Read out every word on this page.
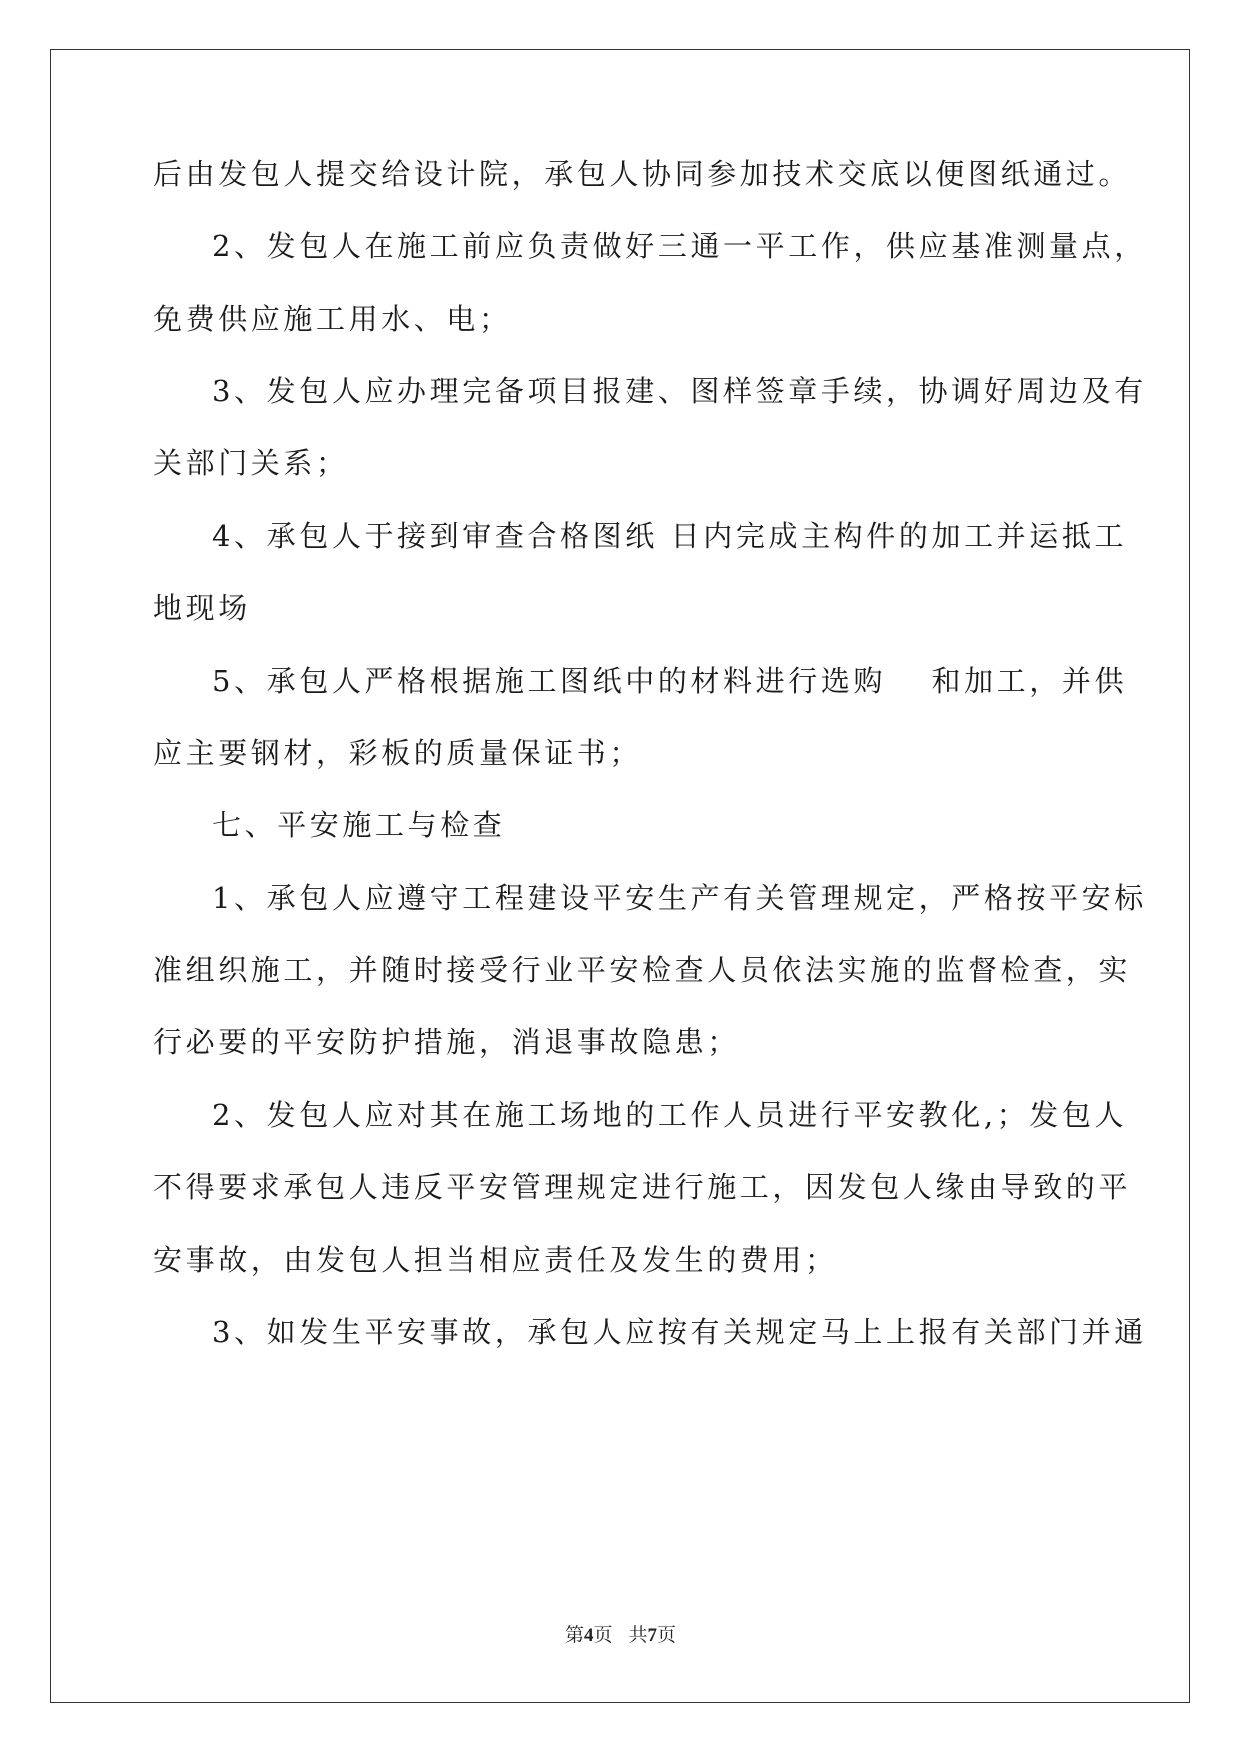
后由发包人提交给设计院，承包人协同参加技术交底以便图纸通过。
2、发包人在施工前应负责做好三通一平工作，供应基准测量点，
免费供应施工用水、电；
3、发包人应办理完备项目报建、图样签章手续，协调好周边及有
关部门关系；
4、承包人于接到审查合格图纸 日内完成主构件的加工并运抵工
地现场
5、承包人严格根据施工图纸中的材料进行选购　 和加工，并供
应主要钢材，彩板的质量保证书；
七、平安施工与检查
1、承包人应遵守工程建设平安生产有关管理规定，严格按平安标
准组织施工，并随时接受行业平安检查人员依法实施的监督检查，实
行必要的平安防护措施，消退事故隐患；
2、发包人应对其在施工场地的工作人员进行平安教化,；发包人
不得要求承包人违反平安管理规定进行施工，因发包人缘由导致的平
安事故，由发包人担当相应责任及发生的费用；
3、如发生平安事故，承包人应按有关规定马上上报有关部门并通
第4页 共7页
